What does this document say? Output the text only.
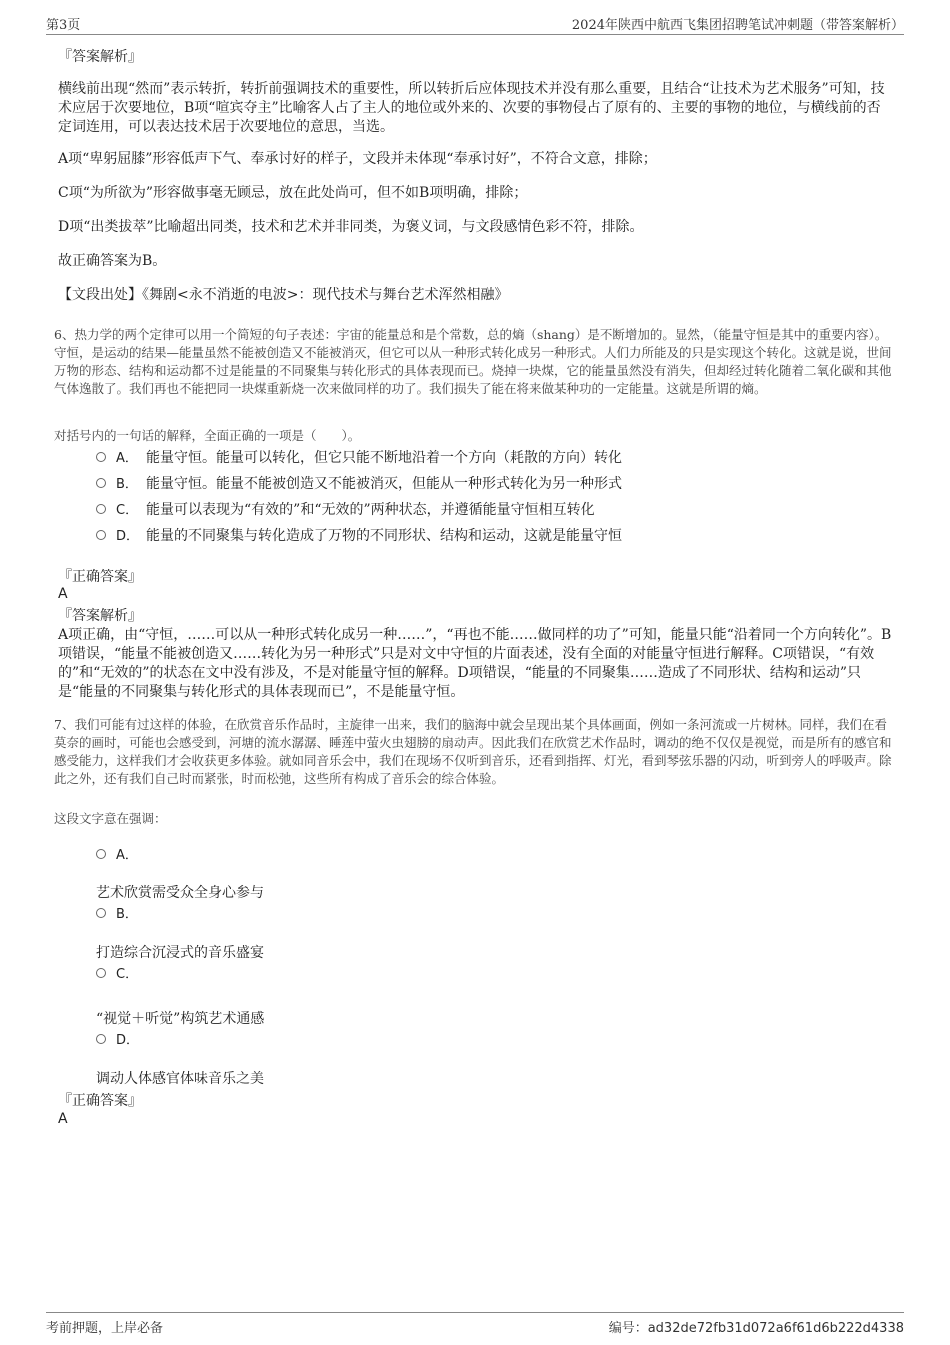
第3页	2024年陕西中航西飞集团招聘笔试冲刺题（带答案解析）
『答案解析』
横线前出现“然而”表示转折，转折前强调技术的重要性，所以转折后应体现技术并没有那么重要，且结合“让技术为艺术服务”可知，技术应居于次要地位，B项“喧宾夺主”比喻客人占了主人的地位或外来的、次要的事物侵占了原有的、主要的事物的地位，与横线前的否定词连用，可以表达技术居于次要地位的意思，当选。
A项“卑躬屈膝”形容低声下气、奉承讨好的样子，文段并未体现“奉承讨好”，不符合文意，排除；
C项“为所欲为”形容做事毫无顾忌，放在此处尚可，但不如B项明确，排除；
D项“出类拔萃”比喻超出同类，技术和艺术并非同类，为褒义词，与文段感情色彩不符，排除。
故正确答案为B。
【文段出处】《舞剧<永不消逝的电波>：现代技术与舞台艺术浑然相融》
6、热力学的两个定律可以用一个简短的句子表述：宇宙的能量总和是个常数，总的熵（shang）是不断增加的。显然，（能量守恒是其中的重要内容）。守恒，是运动的结果—能量虽然不能被创造又不能被消灭，但它可以从一种形式转化成另一种形式。人们力所能及的只是实现这个转化。这就是说，世间万物的形态、结构和运动都不过是能量的不同聚集与转化形式的具体表现而已。烧掉一块煤，它的能量虽然没有消失，但却经过转化随着二氧化碳和其他气体逸散了。我们再也不能把同一块煤重新烧一次来做同样的功了。我们损失了能在将来做某种功的一定能量。这就是所谓的熵。
对括号内的一句话的解释，全面正确的一项是（　　）。
A． 能量守恒。能量可以转化，但它只能不断地沿着一个方向（耗散的方向）转化
B． 能量守恒。能量不能被创造又不能被消灭，但能从一种形式转化为另一种形式
C． 能量可以表现为“有效的”和“无效的”两种状态，并遵循能量守恒相互转化
D． 能量的不同聚集与转化造成了万物的不同形状、结构和运动，这就是能量守恒
『正确答案』
A
『答案解析』
A项正确，由“守恒，……可以从一种形式转化成另一种……”，“再也不能……做同样的功了”可知，能量只能“沿着同一个方向转化”。B项错误，“能量不能被创造又……转化为另一种形式”只是对文中守恒的片面表述，没有全面的对能量守恒进行解释。C项错误，“有效的”和“无效的”的状态在文中没有涉及，不是对能量守恒的解释。D项错误，“能量的不同聚集……造成了不同形状、结构和运动”只是“能量的不同聚集与转化形式的具体表现而已”，不是能量守恒。
7、我们可能有过这样的体验，在欣赏音乐作品时，主旋律一出来，我们的脑海中就会呈现出某个具体画面，例如一条河流或一片树林。同样，我们在看莫奈的画时，可能也会感受到，河塘的流水潺潺、睡莲中萤火虫翅膀的扇动声。因此我们在欣赏艺术作品时，调动的绝不仅仅是视觉，而是所有的感官和感受能力，这样我们才会收获更多体验。就如同音乐会中，我们在现场不仅听到音乐，还看到指挥、灯光，看到琴弦乐器的闪动，听到旁人的呼吸声。除此之外，还有我们自己时而紧张，时而松弛，这些所有构成了音乐会的综合体验。
这段文字意在强调：
A．
艺术欣赏需受众全身心参与
B．
打造综合沉浸式的音乐盛宴
C．
“视觉＋听觉”构筑艺术通感
D．
调动人体感官体味音乐之美
『正确答案』
A
考前押题，上岸必备	编号：ad32de72fb31d072a6f61d6b222d4338
